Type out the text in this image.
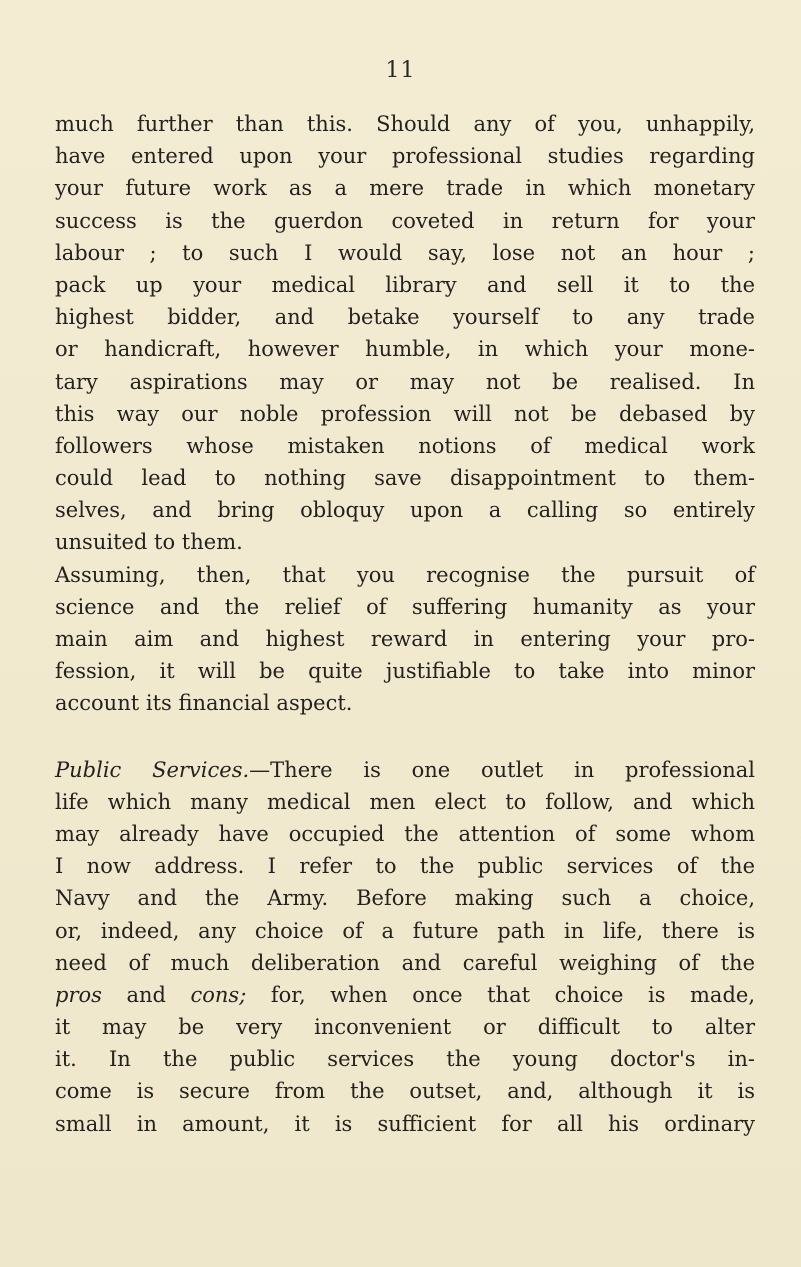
11
much further than this. Should any of you, unhappily,
have entered upon your professional studies regarding
your future work as a mere trade in which monetary
success is the guerdon coveted in return for your
labour ; to such I would say, lose not an hour ;
pack up your medical library and sell it to the
highest bidder, and betake yourself to any trade
or handicraft, however humble, in which your mone-
tary aspirations may or may not be realised. In
this way our noble profession will not be debased by
followers whose mistaken notions of medical work
could lead to nothing save disappointment to them-
selves, and bring obloquy upon a calling so entirely
unsuited to them.
Assuming, then, that you recognise the pursuit of
science and the relief of suffering humanity as your
main aim and highest reward in entering your pro-
fession, it will be quite justifiable to take into minor
account its financial aspect.
Public Services.—There is one outlet in professional
life which many medical men elect to follow, and which
may already have occupied the attention of some whom
I now address. I refer to the public services of the
Navy and the Army. Before making such a choice,
or, indeed, any choice of a future path in life, there is
need of much deliberation and careful weighing of the
pros and cons; for, when once that choice is made,
it may be very inconvenient or difficult to alter
it. In the public services the young doctor's in-
come is secure from the outset, and, although it is
small in amount, it is sufficient for all his ordinary
